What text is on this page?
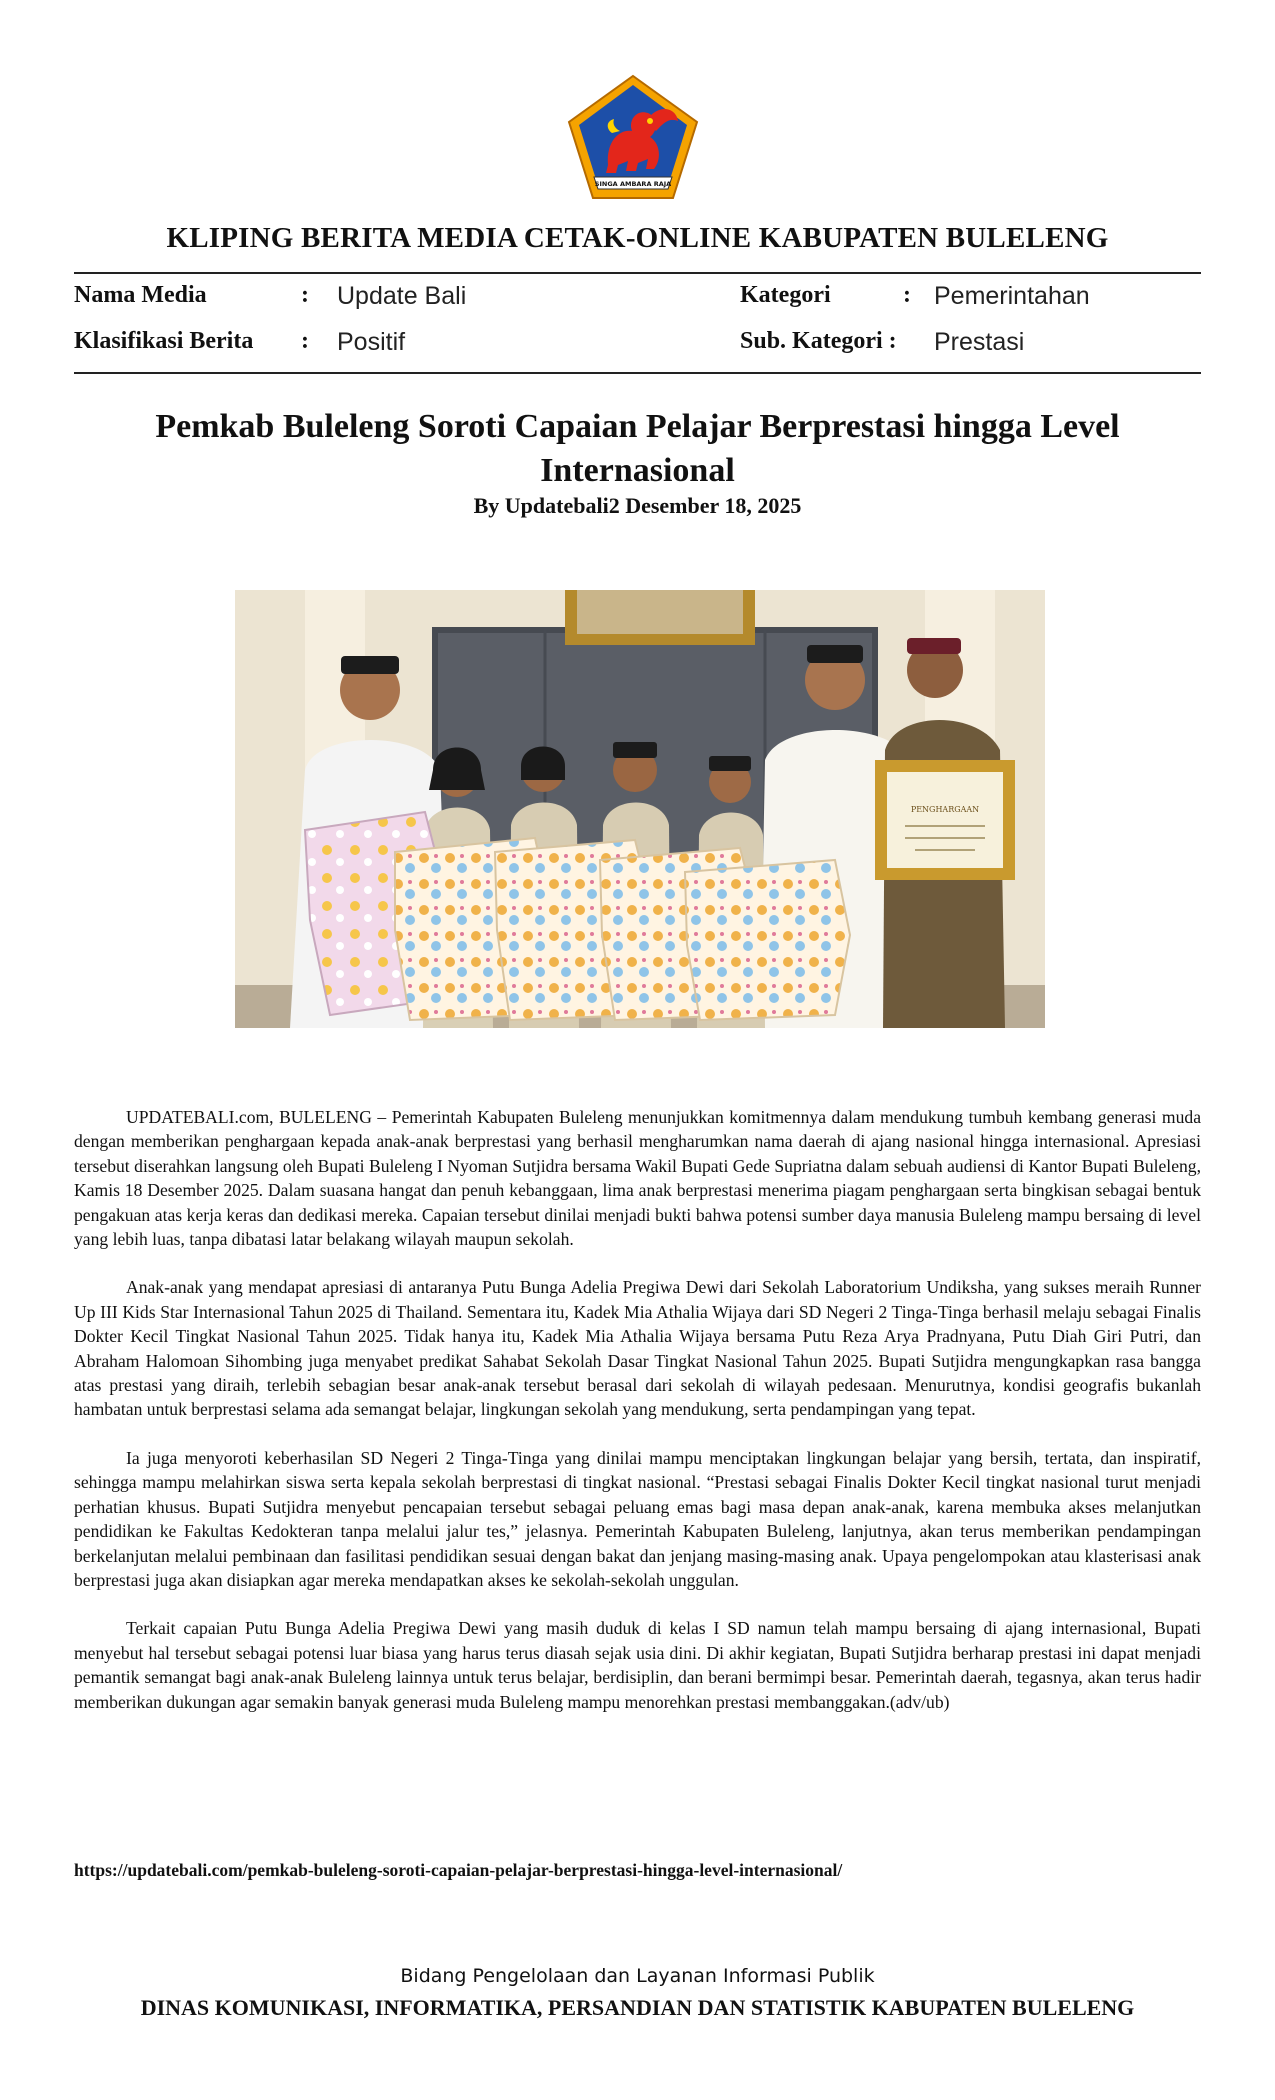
SINGA AMBARA RAJA
KLIPING BERITA MEDIA CETAK-ONLINE KABUPATEN BULELENG
Nama Media	: Update Bali	Kategori	: Pemerintahan
Klasifikasi Berita : Positif	Sub. Kategori : Prestasi
Pemkab Buleleng Soroti Capaian Pelajar Berprestasi hingga Level Internasional
By Updatebali2 Desember 18, 2025
PENGHARGAAN

UPDATEBALI.com, BULELENG – Pemerintah Kabupaten Buleleng menunjukkan komitmennya dalam mendukung tumbuh kembang generasi muda dengan memberikan penghargaan kepada anak-anak berprestasi yang berhasil mengharumkan nama daerah di ajang nasional hingga internasional. Apresiasi tersebut diserahkan langsung oleh Bupati Buleleng I Nyoman Sutjidra bersama Wakil Bupati Gede Supriatna dalam sebuah audiensi di Kantor Bupati Buleleng, Kamis 18 Desember 2025. Dalam suasana hangat dan penuh kebanggaan, lima anak berprestasi menerima piagam penghargaan serta bingkisan sebagai bentuk pengakuan atas kerja keras dan dedikasi mereka. Capaian tersebut dinilai menjadi bukti bahwa potensi sumber daya manusia Buleleng mampu bersaing di level yang lebih luas, tanpa dibatasi latar belakang wilayah maupun sekolah.

Anak-anak yang mendapat apresiasi di antaranya Putu Bunga Adelia Pregiwa Dewi dari Sekolah Laboratorium Undiksha, yang sukses meraih Runner Up III Kids Star Internasional Tahun 2025 di Thailand. Sementara itu, Kadek Mia Athalia Wijaya dari SD Negeri 2 Tinga-Tinga berhasil melaju sebagai Finalis Dokter Kecil Tingkat Nasional Tahun 2025. Tidak hanya itu, Kadek Mia Athalia Wijaya bersama Putu Reza Arya Pradnyana, Putu Diah Giri Putri, dan Abraham Halomoan Sihombing juga menyabet predikat Sahabat Sekolah Dasar Tingkat Nasional Tahun 2025. Bupati Sutjidra mengungkapkan rasa bangga atas prestasi yang diraih, terlebih sebagian besar anak-anak tersebut berasal dari sekolah di wilayah pedesaan. Menurutnya, kondisi geografis bukanlah hambatan untuk berprestasi selama ada semangat belajar, lingkungan sekolah yang mendukung, serta pendampingan yang tepat.

Ia juga menyoroti keberhasilan SD Negeri 2 Tinga-Tinga yang dinilai mampu menciptakan lingkungan belajar yang bersih, tertata, dan inspiratif, sehingga mampu melahirkan siswa serta kepala sekolah berprestasi di tingkat nasional. “Prestasi sebagai Finalis Dokter Kecil tingkat nasional turut menjadi perhatian khusus. Bupati Sutjidra menyebut pencapaian tersebut sebagai peluang emas bagi masa depan anak-anak, karena membuka akses melanjutkan pendidikan ke Fakultas Kedokteran tanpa melalui jalur tes,” jelasnya. Pemerintah Kabupaten Buleleng, lanjutnya, akan terus memberikan pendampingan berkelanjutan melalui pembinaan dan fasilitasi pendidikan sesuai dengan bakat dan jenjang masing-masing anak. Upaya pengelompokan atau klasterisasi anak berprestasi juga akan disiapkan agar mereka mendapatkan akses ke sekolah-sekolah unggulan.

Terkait capaian Putu Bunga Adelia Pregiwa Dewi yang masih duduk di kelas I SD namun telah mampu bersaing di ajang internasional, Bupati menyebut hal tersebut sebagai potensi luar biasa yang harus terus diasah sejak usia dini. Di akhir kegiatan, Bupati Sutjidra berharap prestasi ini dapat menjadi pemantik semangat bagi anak-anak Buleleng lainnya untuk terus belajar, berdisiplin, dan berani bermimpi besar. Pemerintah daerah, tegasnya, akan terus hadir memberikan dukungan agar semakin banyak generasi muda Buleleng mampu menorehkan prestasi membanggakan.(adv/ub)

https://updatebali.com/pemkab-buleleng-soroti-capaian-pelajar-berprestasi-hingga-level-internasional/
Bidang Pengelolaan dan Layanan Informasi Publik
DINAS KOMUNIKASI, INFORMATIKA, PERSANDIAN DAN STATISTIK KABUPATEN BULELENG
